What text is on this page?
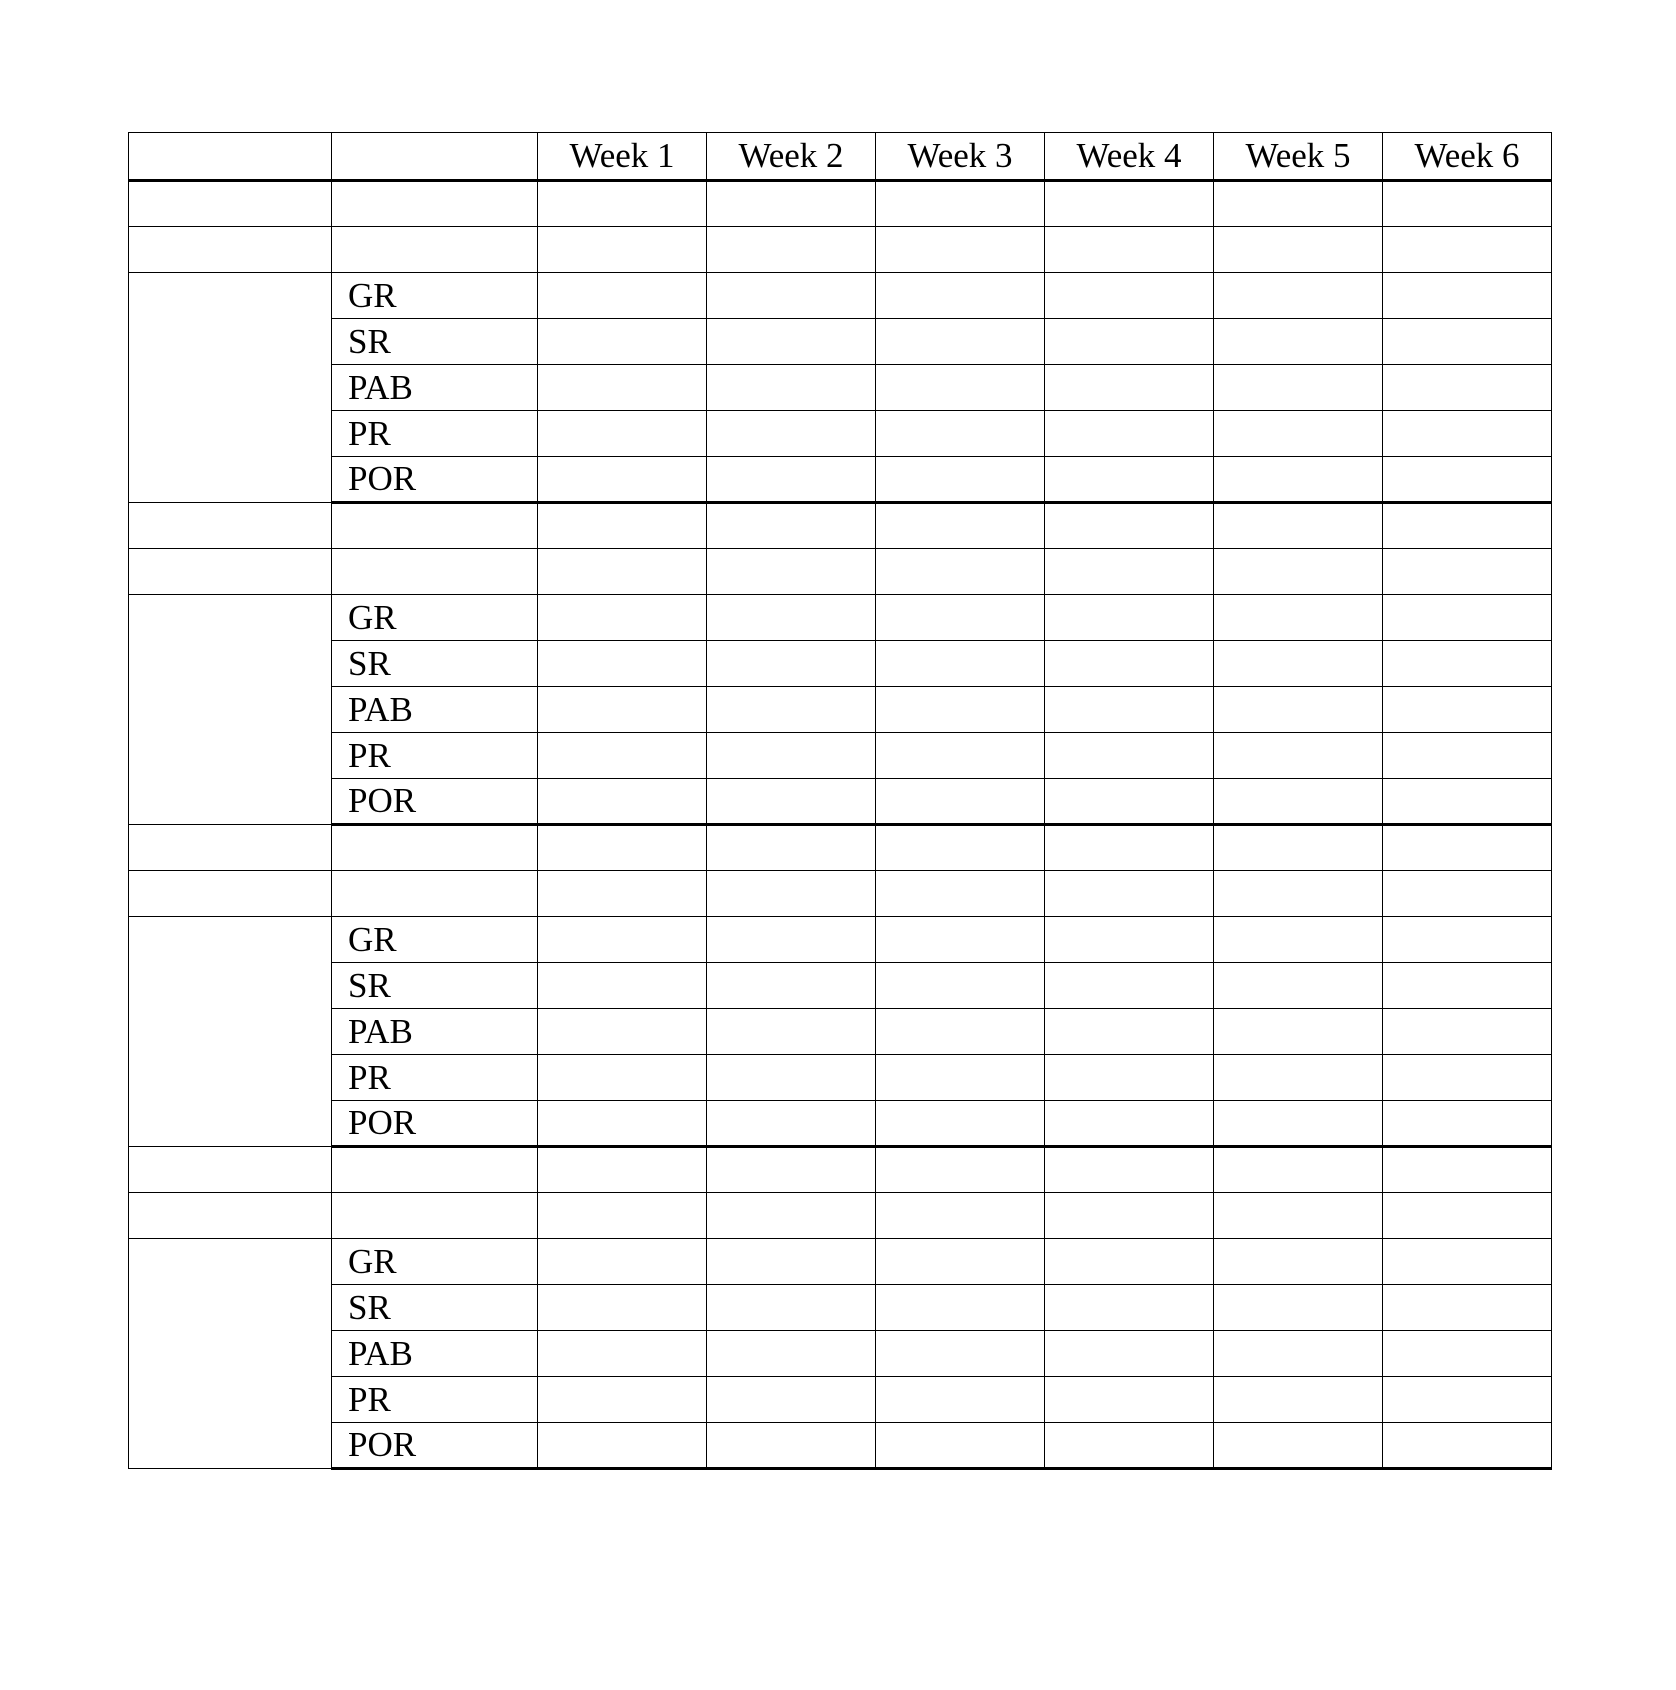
		Week 1	Week 2	Week 3	Week 4	Week 5	Week 6

	GR						
	SR						
	PAB						
	PR						
	POR						

	GR						
	SR						
	PAB						
	PR						
	POR						

	GR						
	SR						
	PAB						
	PR						
	POR						

	GR						
	SR						
	PAB						
	PR						
	POR						
